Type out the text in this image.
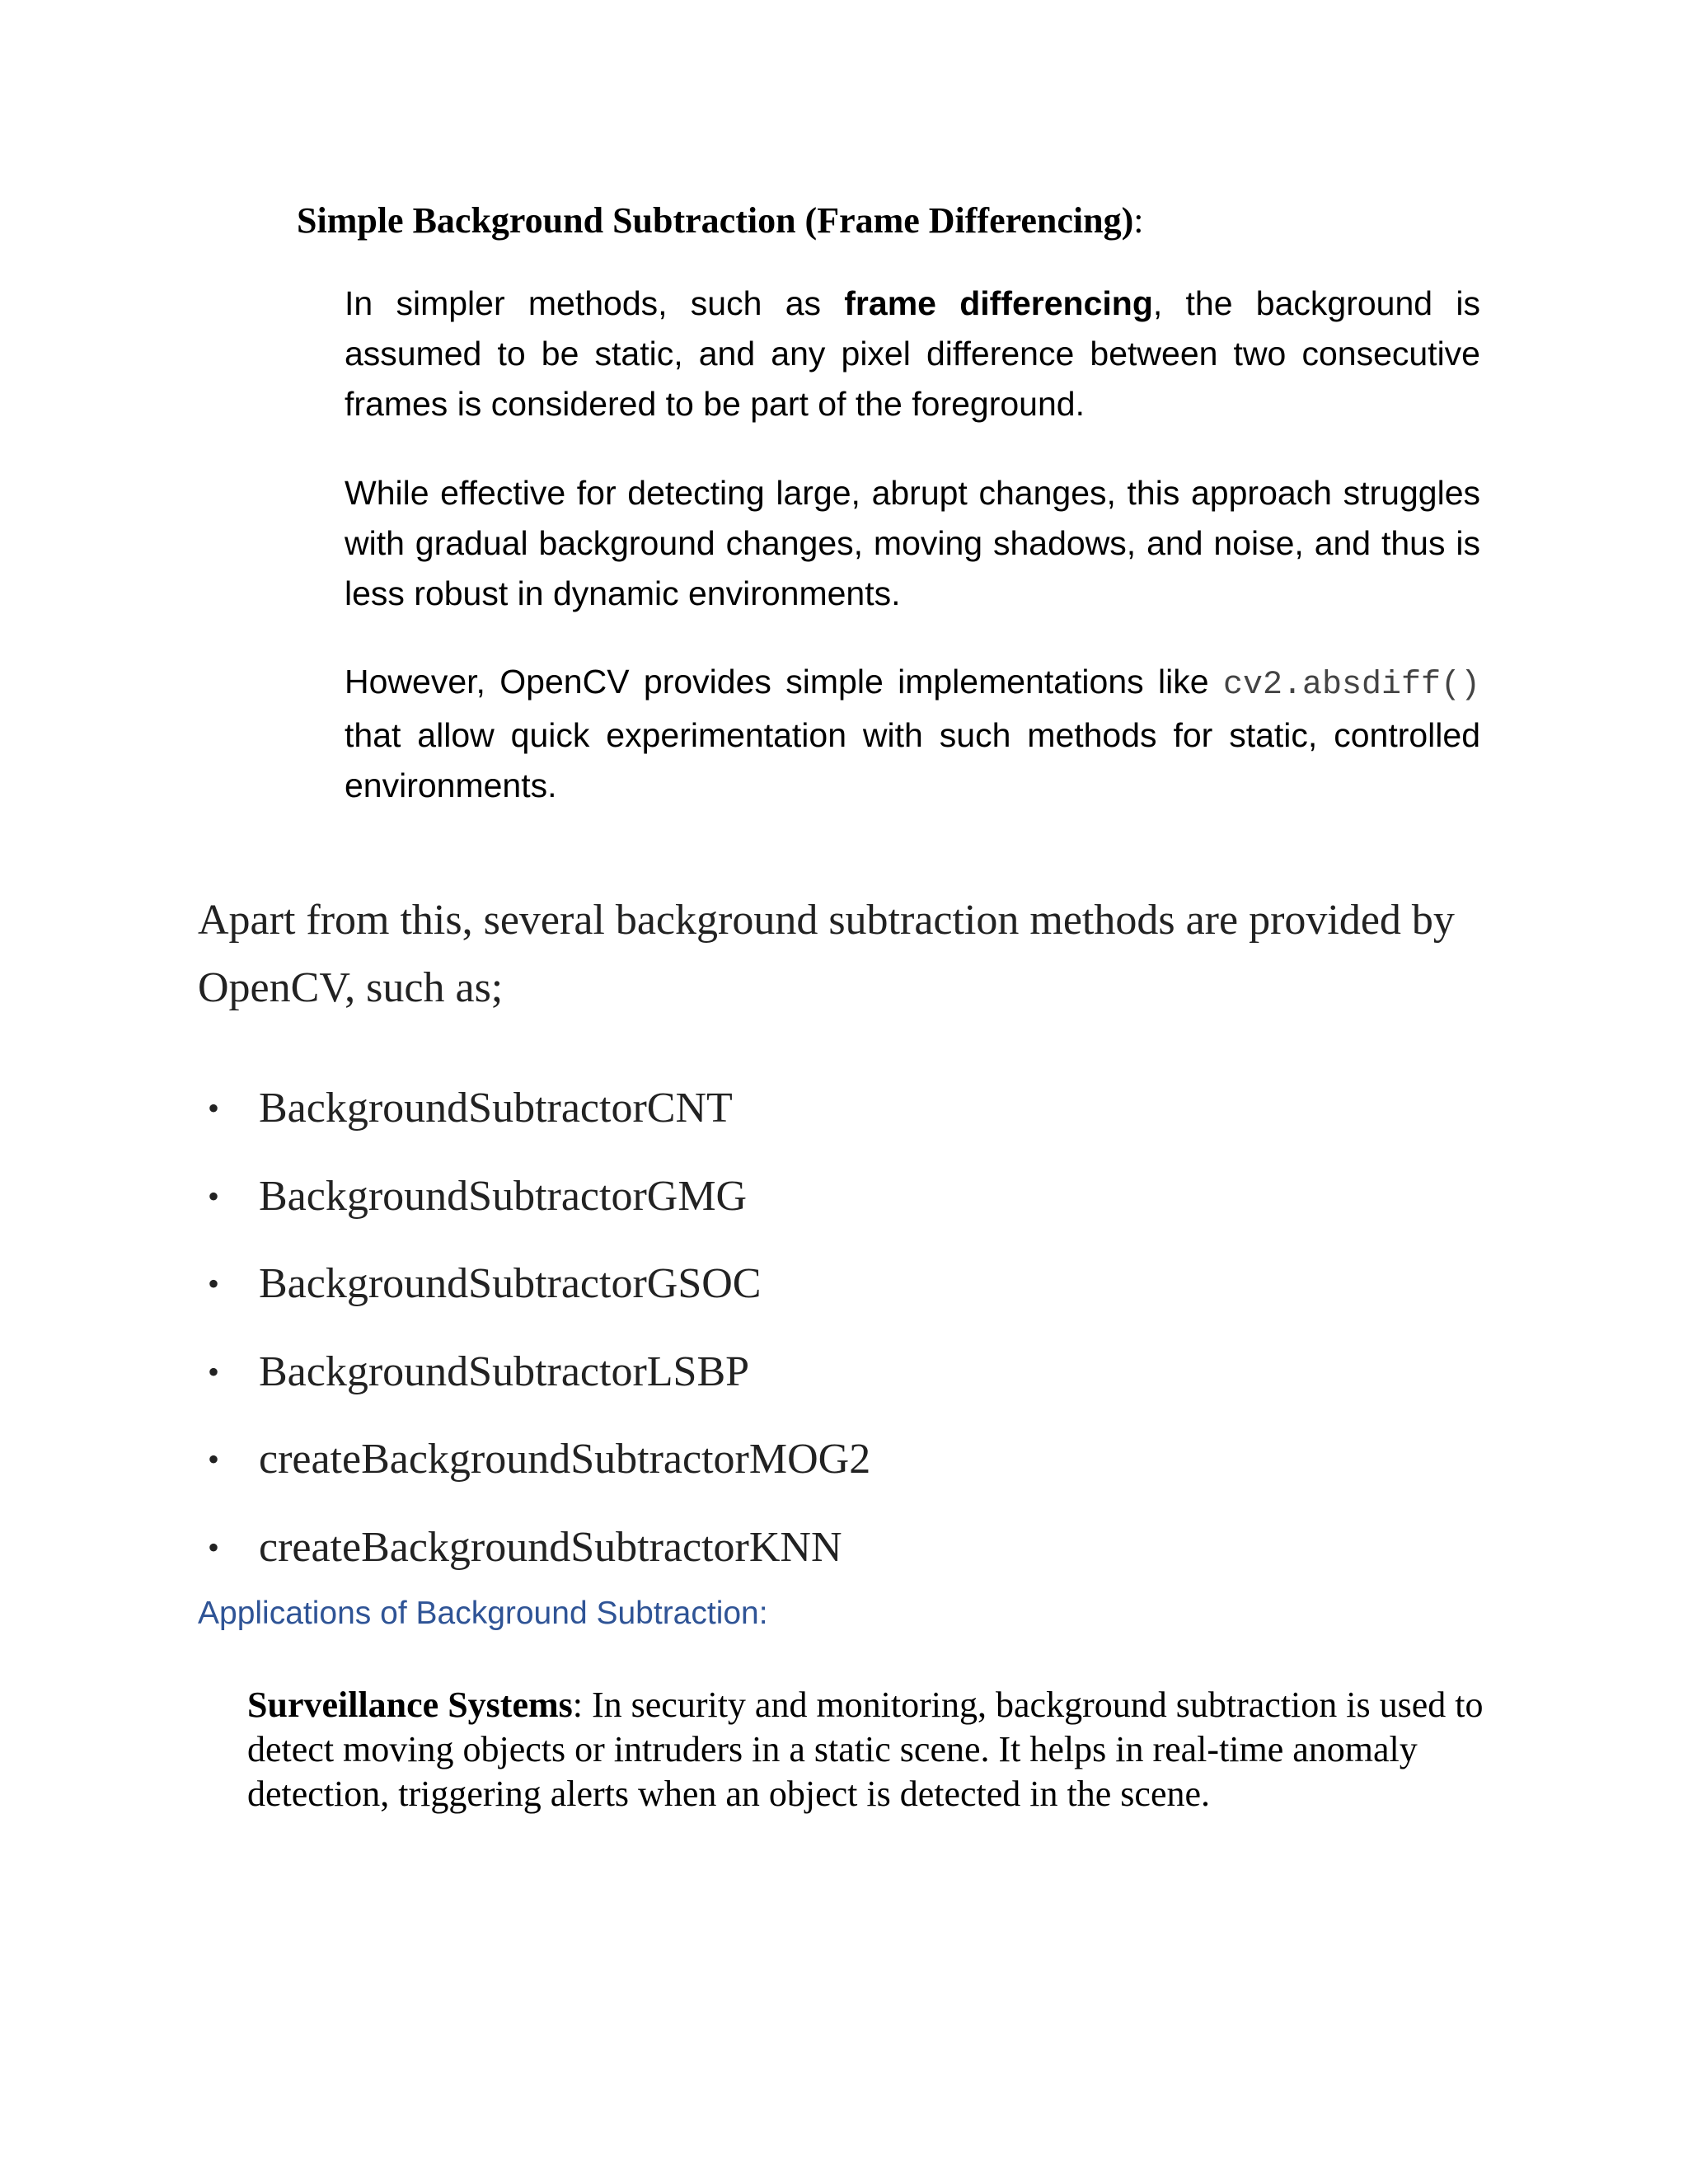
Simple Background Subtraction (Frame Differencing):
In simpler methods, such as frame differencing, the background is assumed to be static, and any pixel difference between two consecutive frames is considered to be part of the foreground.
While effective for detecting large, abrupt changes, this approach struggles with gradual background changes, moving shadows, and noise, and thus is less robust in dynamic environments.
However, OpenCV provides simple implementations like cv2.absdiff() that allow quick experimentation with such methods for static, controlled environments.
Apart from this, several background subtraction methods are provided by OpenCV, such as;
• BackgroundSubtractorCNT
• BackgroundSubtractorGMG
• BackgroundSubtractorGSOC
• BackgroundSubtractorLSBP
• createBackgroundSubtractorMOG2
• createBackgroundSubtractorKNN
Applications of Background Subtraction:
Surveillance Systems: In security and monitoring, background subtraction is used to detect moving objects or intruders in a static scene. It helps in real-time anomaly detection, triggering alerts when an object is detected in the scene.
